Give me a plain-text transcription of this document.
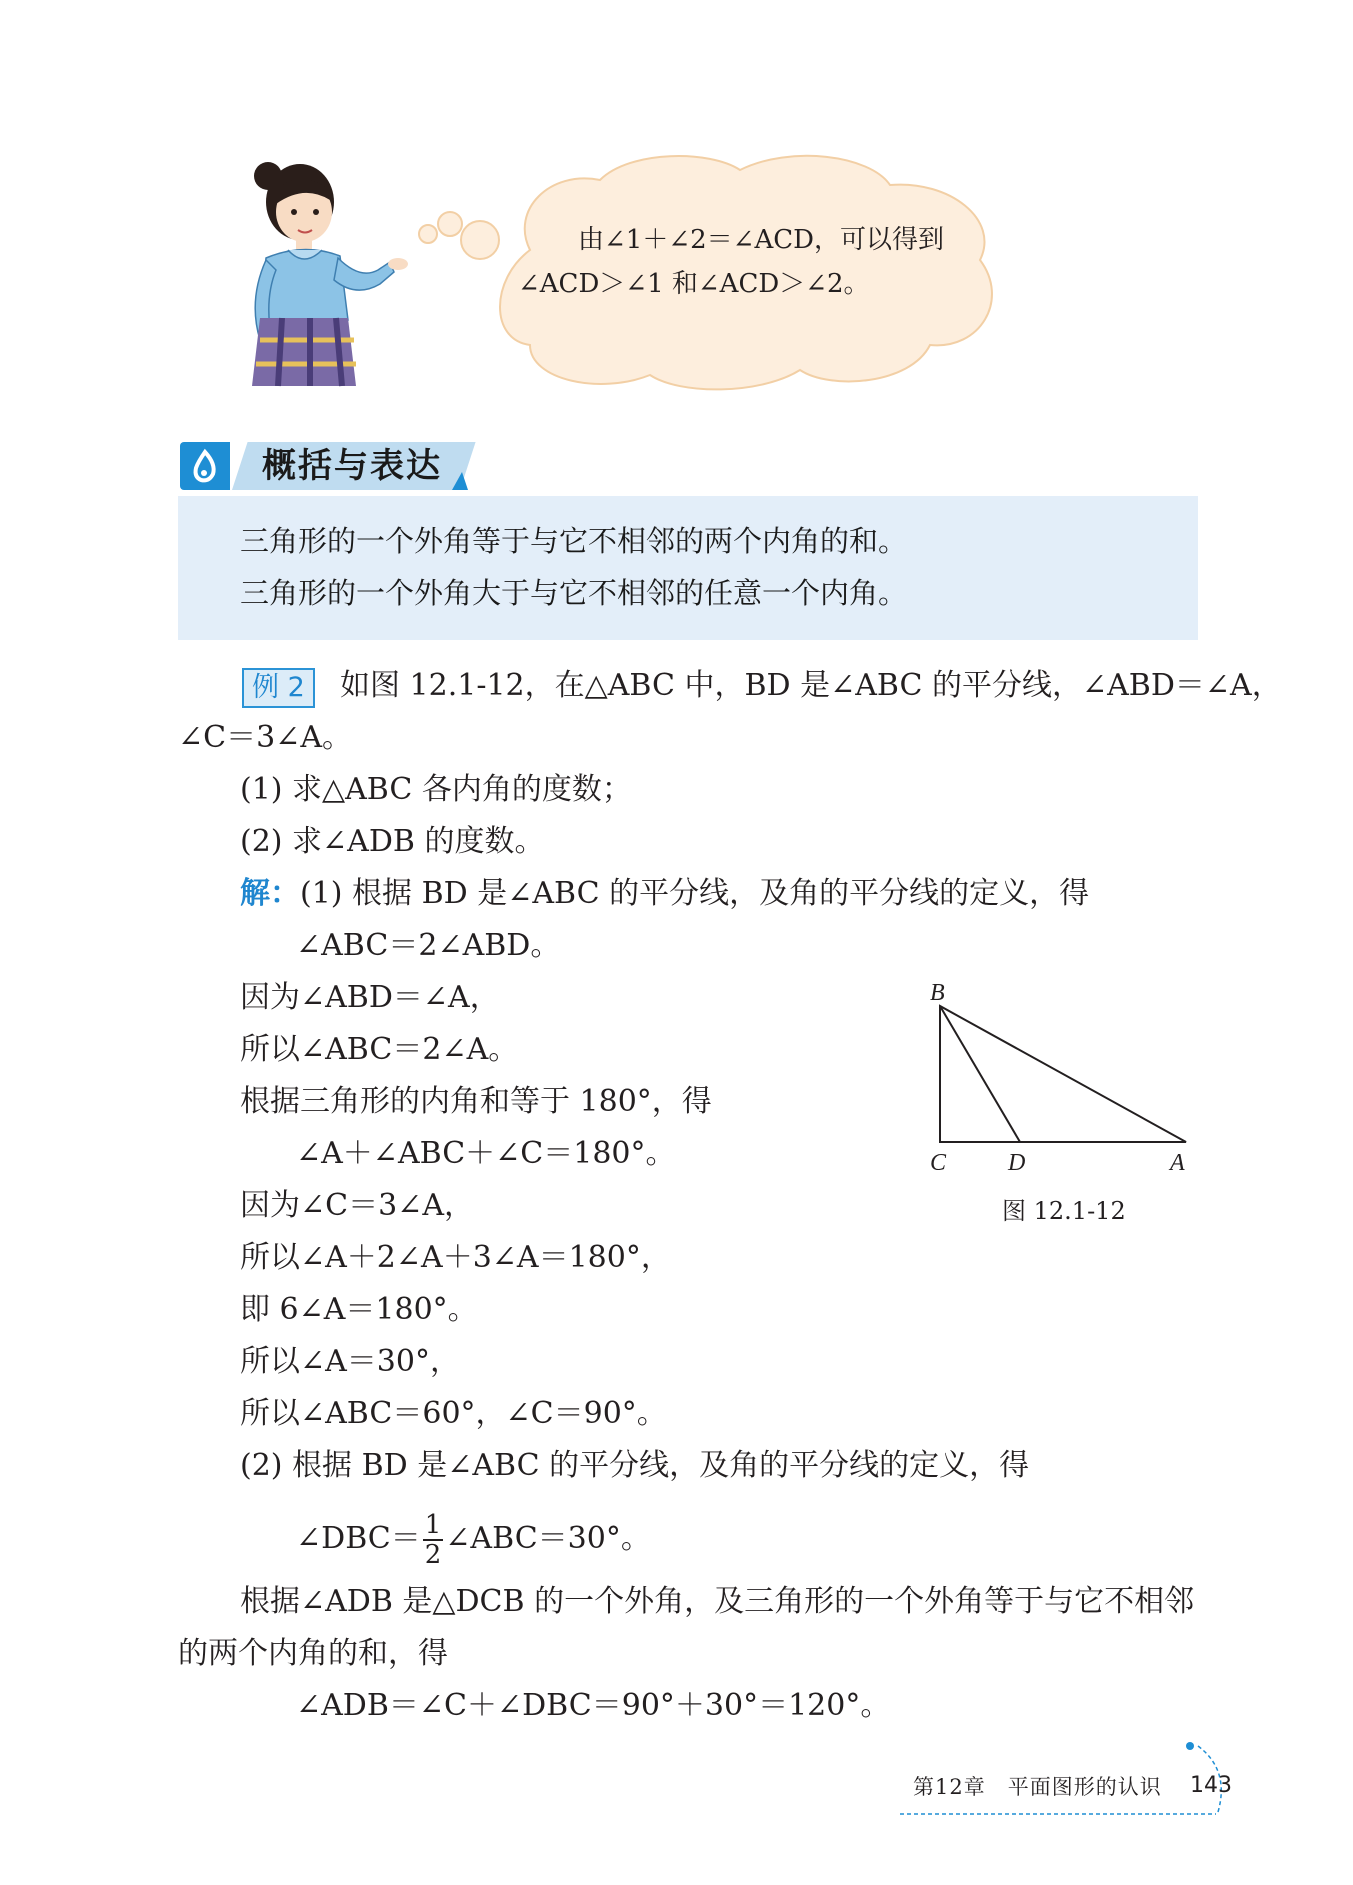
由∠1＋∠2＝∠ACD，可以得到
∠ACD＞∠1 和∠ACD＞∠2。
概括与表达
三角形的一个外角等于与它不相邻的两个内角的和。
三角形的一个外角大于与它不相邻的任意一个内角。
例 2	如图 12.1-12，在△ABC 中，BD 是∠ABC 的平分线，∠ABD＝∠A，
∠C＝3∠A。
(1) 求△ABC 各内角的度数；
(2) 求∠ADB 的度数。
解：(1) 根据 BD 是∠ABC 的平分线，及角的平分线的定义，得
∠ABC＝2∠ABD。
因为∠ABD＝∠A，
所以∠ABC＝2∠A。
根据三角形的内角和等于 180°，得
∠A＋∠ABC＋∠C＝180°。
因为∠C＝3∠A，
所以∠A＋2∠A＋3∠A＝180°，
即 6∠A＝180°。
所以∠A＝30°，
所以∠ABC＝60°，∠C＝90°。
(2) 根据 BD 是∠ABC 的平分线，及角的平分线的定义，得
∠DBC＝ $\frac{1}{2}$ ∠ABC＝30°。
根据∠ADB 是△DCB 的一个外角，及三角形的一个外角等于与它不相邻
的两个内角的和，得
∠ADB＝∠C＋∠DBC＝90°＋30°＝120°。
B
C	D	A
图 12.1-12
第12章　平面图形的认识 143
